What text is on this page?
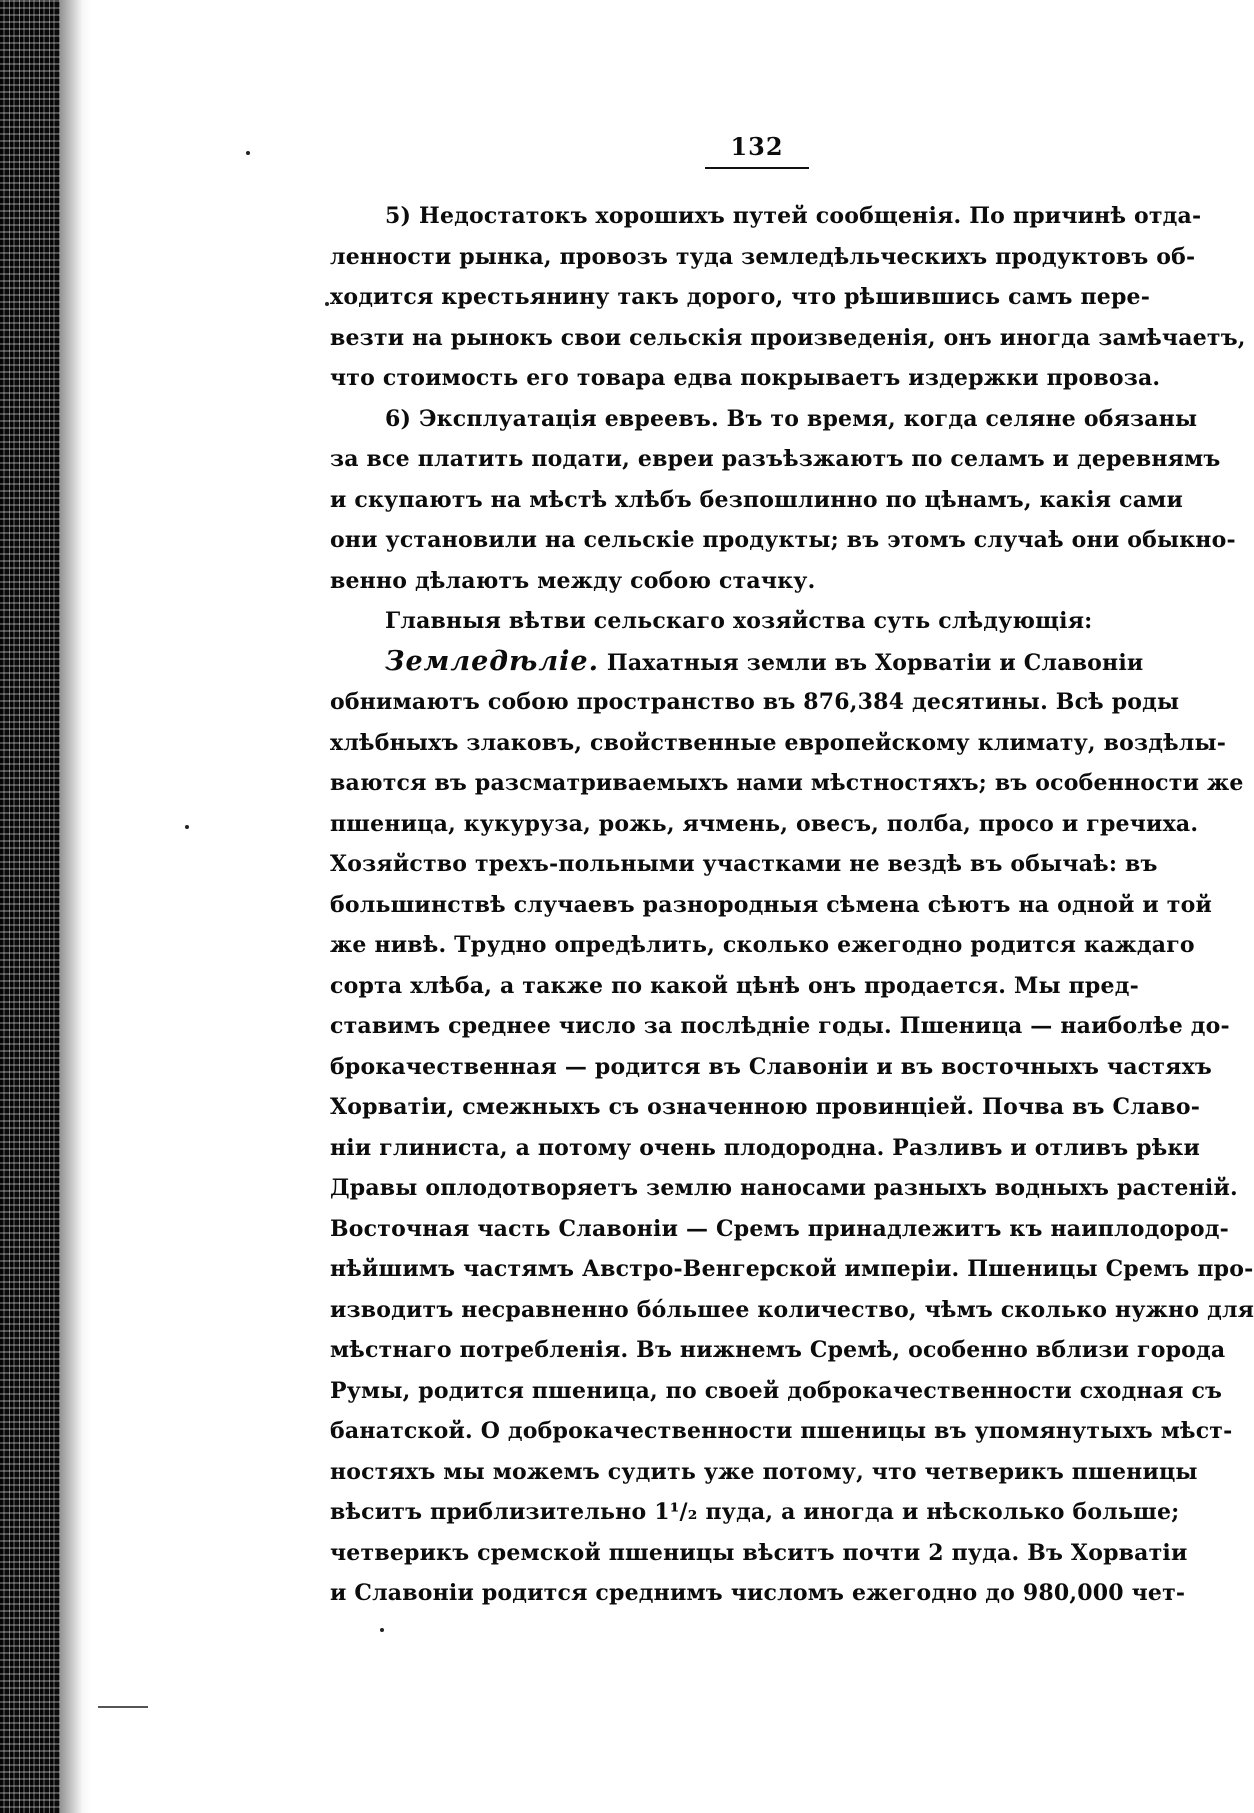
132
5) Недостатокъ хорошихъ путей сообщенія. По причинѣ отда-
ленности рынка, провозъ туда земледѣльческихъ продуктовъ об-
ходится крестьянину такъ дорого, что рѣшившись самъ пере-
везти на рынокъ свои сельскія произведенія, онъ иногда замѣчаетъ,
что стоимость его товара едва покрываетъ издержки провоза.
6) Эксплуатація евреевъ. Въ то время, когда селяне обязаны
за все платить подати, евреи разъѣзжаютъ по селамъ и деревнямъ
и скупаютъ на мѣстѣ хлѣбъ безпошлинно по цѣнамъ, какія сами
они установили на сельскіе продукты; въ этомъ случаѣ они обыкно-
венно дѣлаютъ между собою стачку.
Главныя вѣтви сельскаго хозяйства суть слѣдующія:
Земледѣліе. Пахатныя земли въ Хорватіи и Славоніи
обнимаютъ собою пространство въ 876,384 десятины. Всѣ роды
хлѣбныхъ злаковъ, свойственные европейскому климату, воздѣлы-
ваются въ разсматриваемыхъ нами мѣстностяхъ; въ особенности же
пшеница, кукуруза, рожь, ячмень, овесъ, полба, просо и гречиха.
Хозяйство трехъ-польными участками не вездѣ въ обычаѣ: въ
большинствѣ случаевъ разнородныя сѣмена сѣютъ на одной и той
же нивѣ. Трудно опредѣлить, сколько ежегодно родится каждаго
сорта хлѣба, а также по какой цѣнѣ онъ продается. Мы пред-
ставимъ среднее число за послѣдніе годы. Пшеница — наиболѣе до-
брокачественная — родится въ Славоніи и въ восточныхъ частяхъ
Хорватіи, смежныхъ съ означенною провинціей. Почва въ Славо-
ніи глиниста, а потому очень плодородна. Разливъ и отливъ рѣки
Дравы оплодотворяетъ землю наносами разныхъ водныхъ растеній.
Восточная часть Славоніи — Сремъ принадлежитъ къ наиплодород-
нѣйшимъ частямъ Австро-Венгерской имперіи. Пшеницы Сремъ про-
изводитъ несравненно бо́льшее количество, чѣмъ сколько нужно для
мѣстнаго потребленія. Въ нижнемъ Сремѣ, особенно вблизи города
Румы, родится пшеница, по своей доброкачественности сходная съ
банатской. О доброкачественности пшеницы въ упомянутыхъ мѣст-
ностяхъ мы можемъ судить уже потому, что четверикъ пшеницы
вѣситъ приблизительно 1¹/₂ пуда, а иногда и нѣсколько больше;
четверикъ сремской пшеницы вѣситъ почти 2 пуда. Въ Хорватіи
и Славоніи родится среднимъ числомъ ежегодно до 980,000 чет-
